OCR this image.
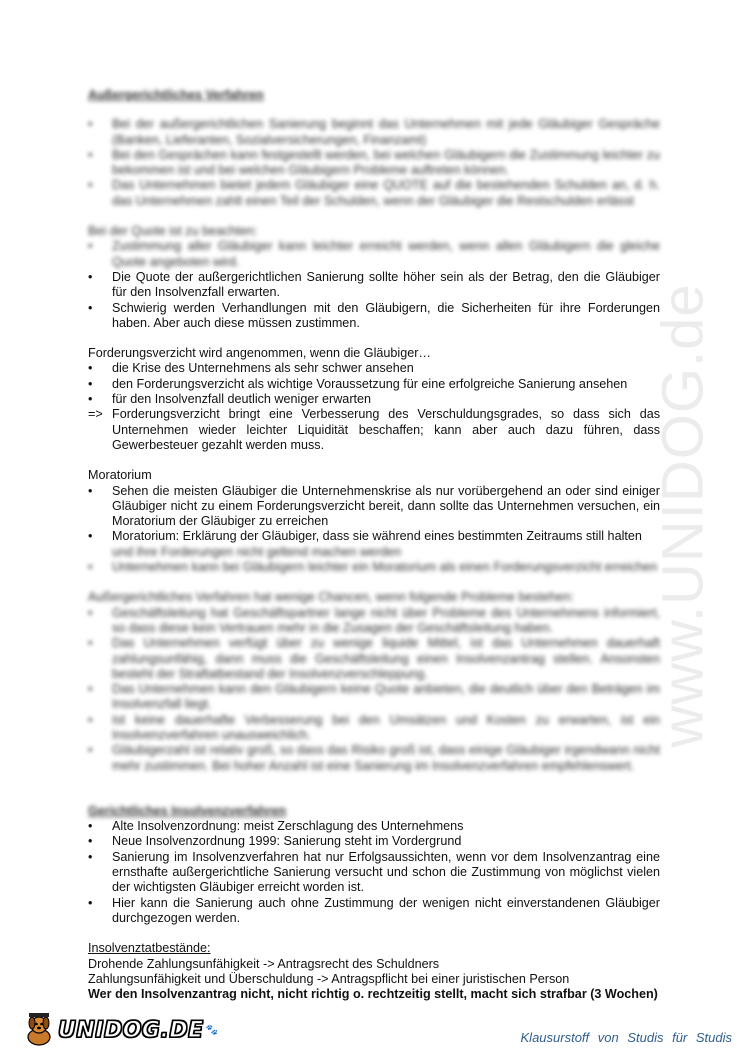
www.UNIDOG.de

Außergerichtliches Verfahren

• Bei der außergerichtlichen Sanierung beginnt das Unternehmen mit jede Gläubiger Gespräche (Banken, Lieferanten, Sozialversicherungen, Finanzamt)
• Bei den Gesprächen kann festgestellt werden, bei welchen Gläubigern die Zustimmung leichter zu bekommen ist und bei welchen Gläubigern Probleme auftreten können.
• Das Unternehmen bietet jedem Gläubiger eine QUOTE auf die bestehenden Schulden an, d. h. das Unternehmen zahlt einen Teil der Schulden, wenn der Gläubiger die Restschulden erlässt

Bei der Quote ist zu beachten:

• Zustimmung aller Gläubiger kann leichter erreicht werden, wenn allen Gläubigern die gleiche Quote angeboten wird.
• Die Quote der außergerichtlichen Sanierung sollte höher sein als der Betrag, den die Gläubiger für den Insolvenzfall erwarten.
• Schwierig werden Verhandlungen mit den Gläubigern, die Sicherheiten für ihre Forderungen haben. Aber auch diese müssen zustimmen.

Forderungsverzicht wird angenommen, wenn die Gläubiger…

• die Krise des Unternehmens als sehr schwer ansehen
• den Forderungsverzicht als wichtige Voraussetzung für eine erfolgreiche Sanierung ansehen
• für den Insolvenzfall deutlich weniger erwarten
=> Forderungsverzicht bringt eine Verbesserung des Verschuldungsgrades, so dass sich das Unternehmen wieder leichter Liquidität beschaffen; kann aber auch dazu führen, dass Gewerbesteuer gezahlt werden muss.

Moratorium

• Sehen die meisten Gläubiger die Unternehmenskrise als nur vorübergehend an oder sind einiger Gläubiger nicht zu einem Forderungsverzicht bereit, dann sollte das Unternehmen versuchen, ein Moratorium der Gläubiger zu erreichen
• Moratorium: Erklärung der Gläubiger, dass sie während eines bestimmten Zeitraums still halten
und ihre Forderungen nicht geltend machen werden
• Unternehmen kann bei Gläubigern leichter ein Moratorium als einen Forderungsverzicht erreichen

Außergerichtliches Verfahren hat wenige Chancen, wenn folgende Probleme bestehen:

• Geschäftsleitung hat Geschäftspartner lange nicht über Probleme des Unternehmens informiert, so dass diese kein Vertrauen mehr in die Zusagen der Geschäftsleitung haben.
• Das Unternehmen verfügt über zu wenige liquide Mittel, ist das Unternehmen dauerhaft zahlungsunfähig, dann muss die Geschäftsleitung einen Insolvenzantrag stellen. Ansonsten besteht der Straftatbestand der Insolvenzverschleppung.
• Das Unternehmen kann den Gläubigern keine Quote anbieten, die deutlich über den Beträgen im Insolvenzfall liegt.
• Ist keine dauerhafte Verbesserung bei den Umsätzen und Kosten zu erwarten, ist ein Insolvenzverfahren unausweichlich.
• Gläubigerzahl ist relativ groß, so dass das Risiko groß ist, dass einige Gläubiger irgendwann nicht mehr zustimmen. Bei hoher Anzahl ist eine Sanierung im Insolvenzverfahren empfehlenswert.

Gerichtliches Insolvenzverfahren

• Alte Insolvenzordnung: meist Zerschlagung des Unternehmens
• Neue Insolvenzordnung 1999: Sanierung steht im Vordergrund
• Sanierung im Insolvenzverfahren hat nur Erfolgsaussichten, wenn vor dem Insolvenzantrag eine ernsthafte außergerichtliche Sanierung versucht und schon die Zustimmung von möglichst vielen der wichtigsten Gläubiger erreicht worden ist.
• Hier kann die Sanierung auch ohne Zustimmung der wenigen nicht einverstandenen Gläubiger durchgezogen werden.

Insolvenztatbestände:

Drohende Zahlungsunfähigkeit -> Antragsrecht des Schuldners

Zahlungsunfähigkeit und Überschuldung -> Antragspflicht bei einer juristischen Person

Wer den Insolvenzantrag nicht, nicht richtig o. rechtzeitig stellt, macht sich strafbar (3 Wochen)

UNIDOG.DE 🐾	Klausurstoff von Studis für Studis
